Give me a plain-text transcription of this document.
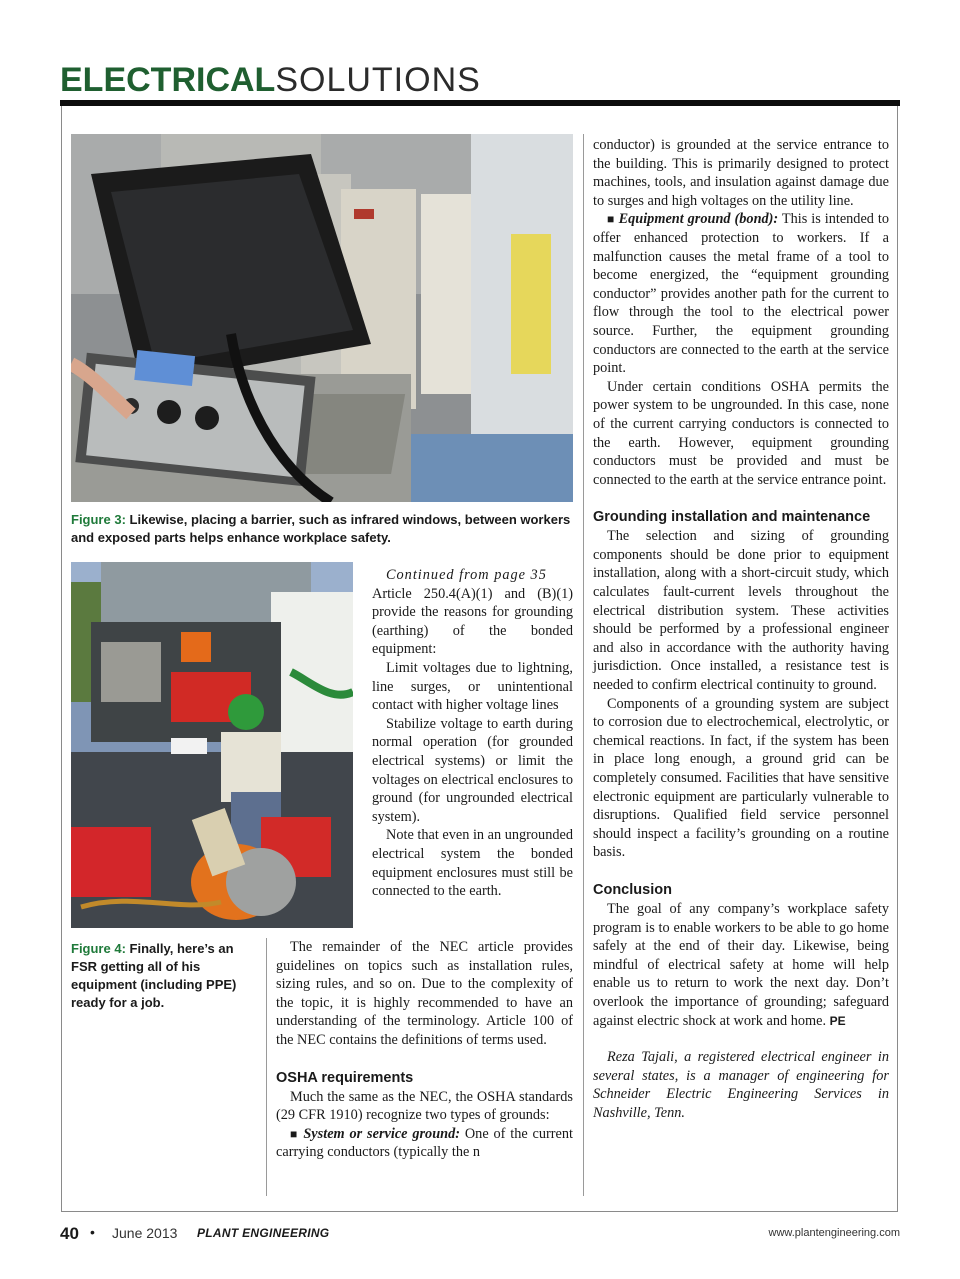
ELECTRICALSOLUTIONS
Figure 3: Likewise, placing a barrier, such as infrared windows, between workers and exposed parts helps enhance workplace safety.
Figure 4: Finally, here’s an FSR getting all of his equipment (including PPE) ready for a job.

Continued from page 35

Article 250.4(A)(1) and (B)(1) provide the reasons for grounding (earthing) of the bonded equipment:

Limit voltages due to lightning, line surges, or unintentional contact with higher voltage lines

Stabilize voltage to earth during normal operation (for grounded electrical systems) or limit the voltages on electrical enclosures to ground (for ungrounded electrical system).

Note that even in an ungrounded electrical system the bonded equipment enclosures must still be connected to the earth.

The remainder of the NEC article provides guidelines on topics such as installation rules, sizing rules, and so on. Due to the complexity of the topic, it is highly recommended to have an understanding of the terminology. Article 100 of the NEC contains the definitions of terms used.

OSHA requirements

Much the same as the NEC, the OSHA standards (29 CFR 1910) recognize two types of grounds:

■ System or service ground: One of the current carrying conductors (typically the n

conductor) is grounded at the service entrance to the building. This is primarily designed to protect machines, tools, and insulation against damage due to surges and high voltages on the utility line.

■ Equipment ground (bond): This is intended to offer enhanced protection to workers. If a malfunction causes the metal frame of a tool to become energized, the “equipment grounding conductor” provides another path for the current to flow through the tool to the electrical power source. Further, the equipment grounding conductors are connected to the earth at the service point.

Under certain conditions OSHA permits the power system to be ungrounded. In this case, none of the current carrying conductors is connected to the earth. However, equipment grounding conductors must be provided and must be connected to the earth at the service entrance point.

Grounding installation and maintenance

The selection and sizing of grounding components should be done prior to equipment installation, along with a short-circuit study, which calculates fault-current levels throughout the electrical distribution system. These activities should be performed by a professional engineer and also in accordance with the authority having jurisdiction. Once installed, a resistance test is needed to confirm electrical continuity to ground.

Components of a grounding system are subject to corrosion due to electrochemical, electrolytic, or chemical reactions. In fact, if the system has been in place long enough, a ground grid can be completely consumed. Facilities that have sensitive electronic equipment are particularly vulnerable to disruptions. Qualified field service personnel should inspect a facility’s grounding on a routine basis.

Conclusion

The goal of any company’s workplace safety program is to enable workers to be able to go home safely at the end of their day. Likewise, being mindful of electrical safety at home will help enable us to return to work the next day. Don’t overlook the importance of grounding; safeguard against electric shock at work and home. PE

Reza Tajali, a registered electrical engineer in several states, is a manager of engineering for Schneider Electric Engineering Services in Nashville, Tenn.

40 • June 2013 PLANT ENGINEERING	www.plantengineering.com
